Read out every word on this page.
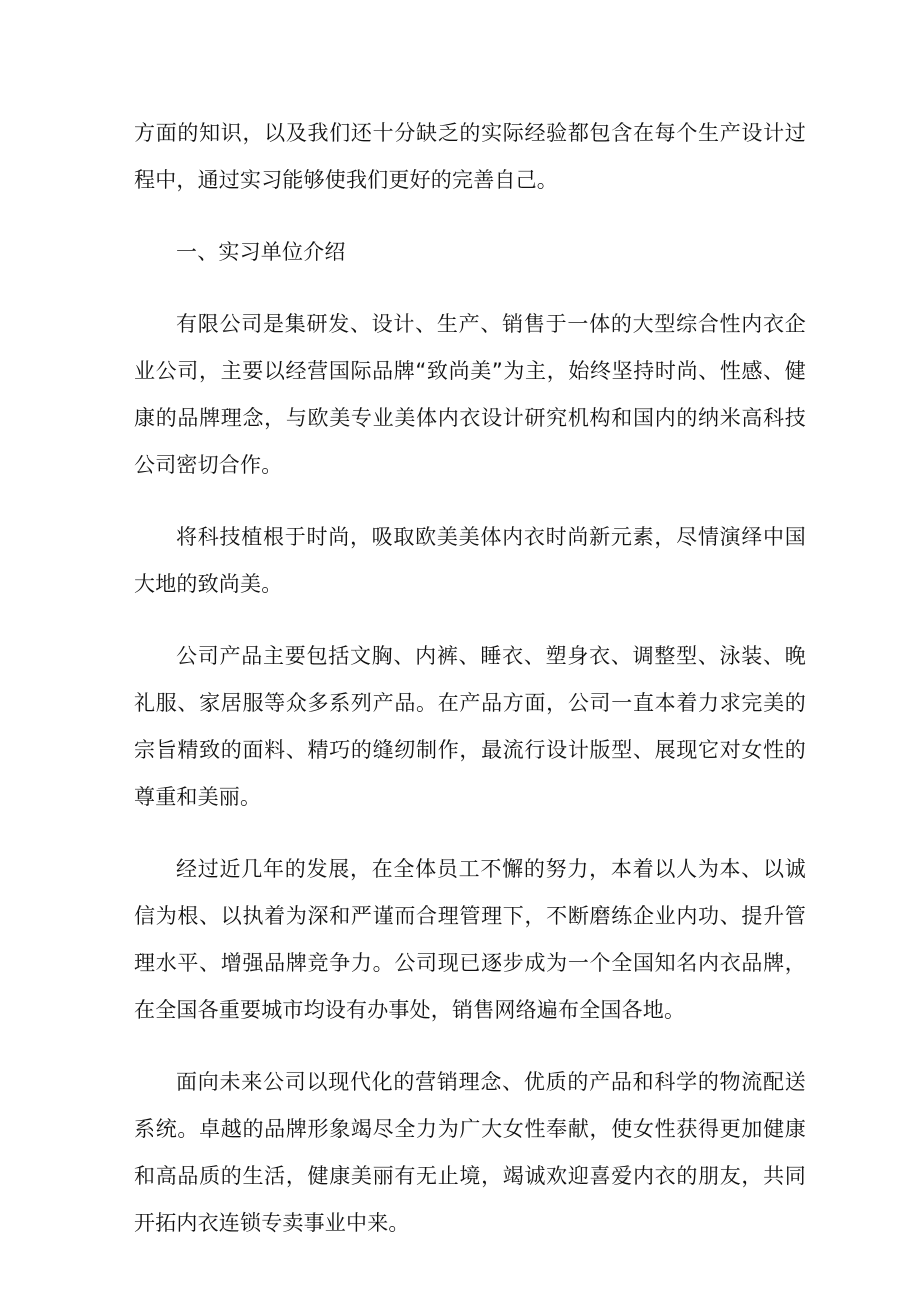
方面的知识，以及我们还十分缺乏的实际经验都包含在每个生产设计过程中，通过实习能够使我们更好的完善自己。

一、实习单位介绍

有限公司是集研发、设计、生产、销售于一体的大型综合性内衣企业公司，主要以经营国际品牌“致尚美”为主，始终坚持时尚、性感、健康的品牌理念，与欧美专业美体内衣设计研究机构和国内的纳米高科技公司密切合作。

将科技植根于时尚，吸取欧美美体内衣时尚新元素，尽情演绎中国大地的致尚美。

公司产品主要包括文胸、内裤、睡衣、塑身衣、调整型、泳装、晚礼服、家居服等众多系列产品。在产品方面，公司一直本着力求完美的宗旨精致的面料、精巧的缝纫制作，最流行设计版型、展现它对女性的尊重和美丽。

经过近几年的发展，在全体员工不懈的努力，本着以人为本、以诚信为根、以执着为深和严谨而合理管理下，不断磨练企业内功、提升管理水平、增强品牌竞争力。公司现已逐步成为一个全国知名内衣品牌，在全国各重要城市均设有办事处，销售网络遍布全国各地。

面向未来公司以现代化的营销理念、优质的产品和科学的物流配送系统。卓越的品牌形象竭尽全力为广大女性奉献，使女性获得更加健康和高品质的生活，健康美丽有无止境，竭诚欢迎喜爱内衣的朋友，共同开拓内衣连锁专卖事业中来。
